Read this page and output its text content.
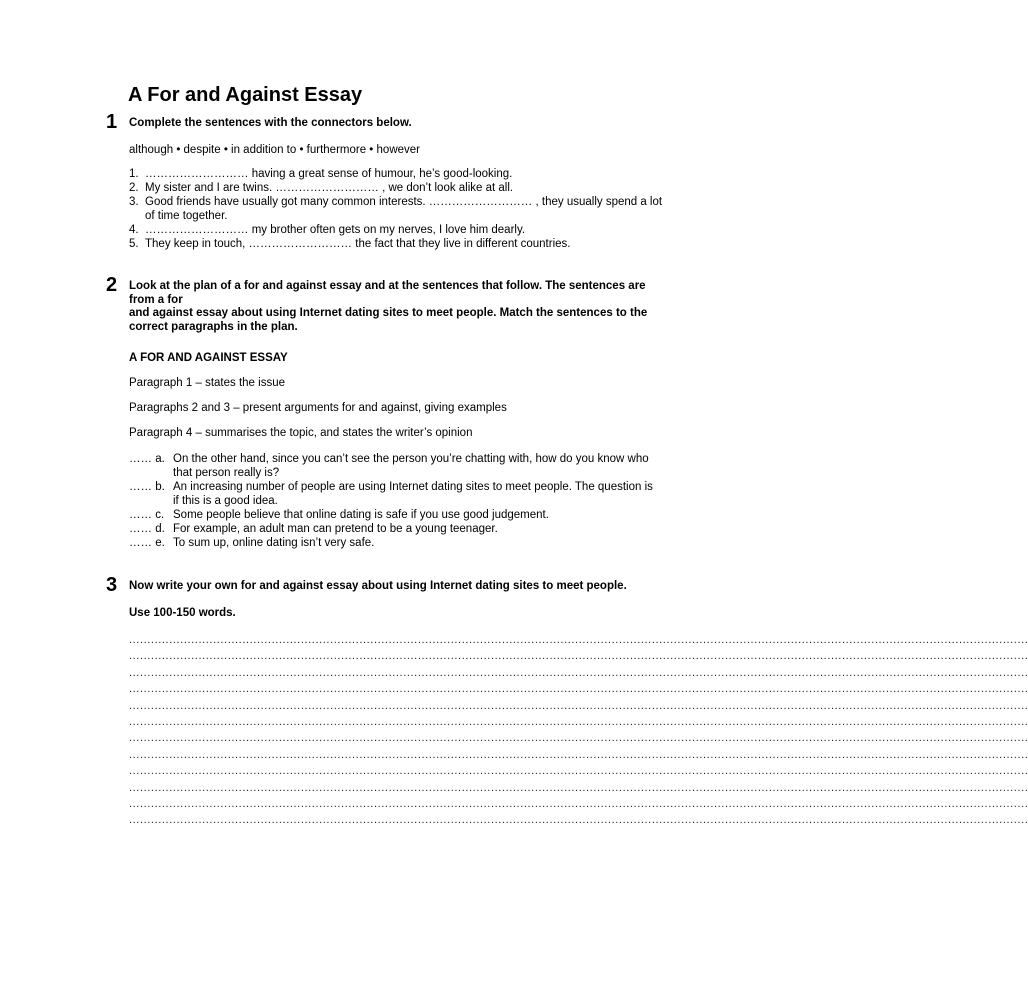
A For and Against Essay
1 Complete the sentences with the connectors below.

although • despite • in addition to • furthermore • however

1. ……………………… having a great sense of humour, he’s good-looking.
2. My sister and I are twins. ……………………… , we don’t look alike at all.
3. Good friends have usually got many common interests. ……………………… , they usually spend a lot of time together.
4. ……………………… my brother often gets on my nerves, I love him dearly.
5. They keep in touch, ……………………… the fact that they live in different countries.
2 Look at the plan of a for and against essay and at the sentences that follow. The sentences are from a for

and against essay about using Internet dating sites to meet people. Match the sentences to the correct paragraphs in the plan.

A FOR AND AGAINST ESSAY

Paragraph 1 – states the issue

Paragraphs 2 and 3 – present arguments for and against, giving examples

Paragraph 4 – summarises the topic, and states the writer’s opinion

…… a. On the other hand, since you can’t see the person you’re chatting with, how do you know who that person really is?
…… b. An increasing number of people are using Internet dating sites to meet people. The question is if this is a good idea.
…… c. Some people believe that online dating is safe if you use good judgement.
…… d. For example, an adult man can pretend to be a young teenager.
…… e. To sum up, online dating isn’t very safe.
3 Now write your own for and against essay about using Internet dating sites to meet people.

Use 100-150 words.

......................................................................................................................................................................................................................................................
......................................................................................................................................................................................................................................................
......................................................................................................................................................................................................................................................
......................................................................................................................................................................................................................................................
......................................................................................................................................................................................................................................................
......................................................................................................................................................................................................................................................
......................................................................................................................................................................................................................................................
......................................................................................................................................................................................................................................................
......................................................................................................................................................................................................................................................
......................................................................................................................................................................................................................................................
......................................................................................................................................................................................................................................................
......................................................................................................................................................................................................................................................
